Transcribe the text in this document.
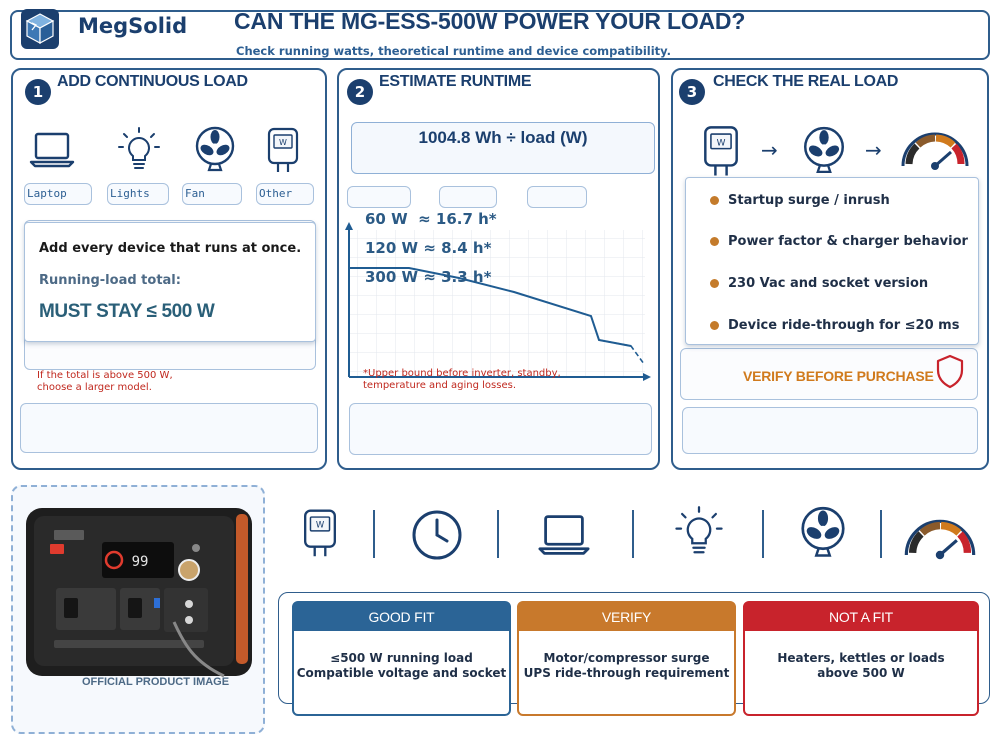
MegSolid CAN THE MG-ESS-500W POWER YOUR LOAD?
Check running watts, theoretical runtime and device compatibility.
1
ADD CONTINUOUS LOAD
W
Laptop	Lights	Fan	Other
Add every device that runs at once.
Running-load total:
MUST STAY ≤ 500 W
If the total is above 500 W,
choose a larger model.
2
ESTIMATE RUNTIME
1004.8 Wh ÷ load (W)
60 W ≈ 16.7 h*
120 W ≈ 8.4 h*
300 W ≈ 3.3 h*
*Upper bound before inverter, standby,
temperature and aging losses.
3
CHECK THE REAL LOAD
W →	→
Startup surge / inrush
Power factor & charger behavior
230 Vac and socket version
Device ride-through for ≤20 ms
VERIFY BEFORE PURCHASE
99
OFFICIAL PRODUCT IMAGE
W
GOOD FIT
≤500 W running load
Compatible voltage and socket
VERIFY
Motor/compressor surge
UPS ride-through requirement
NOT A FIT
Heaters, kettles or loads
above 500 W
